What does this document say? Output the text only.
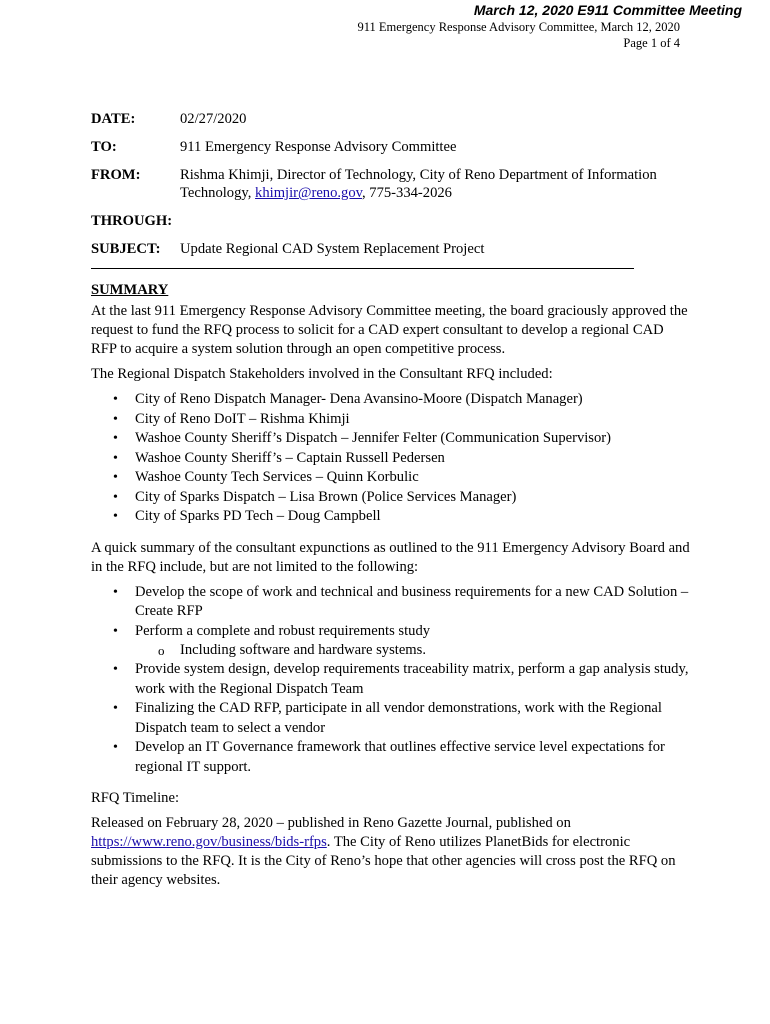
March 12, 2020 E911 Committee Meeting
911 Emergency Response Advisory Committee, March 12, 2020
Page 1 of 4
DATE:	02/27/2020
TO:	911 Emergency Response Advisory Committee
FROM:	Rishma Khimji, Director of Technology, City of Reno Department of Information Technology, khimjir@reno.gov, 775-334-2026
THROUGH:
SUBJECT:	Update Regional CAD System Replacement Project
SUMMARY

At the last 911 Emergency Response Advisory Committee meeting, the board graciously approved the request to fund the RFQ process to solicit for a CAD expert consultant to develop a regional CAD RFP to acquire a system solution through an open competitive process.

The Regional Dispatch Stakeholders involved in the Consultant RFQ included:

• City of Reno Dispatch Manager- Dena Avansino-Moore (Dispatch Manager)
• City of Reno DoIT – Rishma Khimji
• Washoe County Sheriff’s Dispatch – Jennifer Felter (Communication Supervisor)
• Washoe County Sheriff’s – Captain Russell Pedersen
• Washoe County Tech Services – Quinn Korbulic
• City of Sparks Dispatch – Lisa Brown (Police Services Manager)
• City of Sparks PD Tech – Doug Campbell

A quick summary of the consultant expunctions as outlined to the 911 Emergency Advisory Board and in the RFQ include, but are not limited to the following:

• Develop the scope of work and technical and business requirements for a new CAD Solution – Create RFP
• Perform a complete and robust requirements study
o Including software and hardware systems.
• Provide system design, develop requirements traceability matrix, perform a gap analysis study, work with the Regional Dispatch Team
• Finalizing the CAD RFP, participate in all vendor demonstrations, work with the Regional Dispatch team to select a vendor
• Develop an IT Governance framework that outlines effective service level expectations for regional IT support.

RFQ Timeline:

Released on February 28, 2020 – published in Reno Gazette Journal, published on https://www.reno.gov/business/bids-rfps. The City of Reno utilizes PlanetBids for electronic submissions to the RFQ. It is the City of Reno’s hope that other agencies will cross post the RFQ on their agency websites.
